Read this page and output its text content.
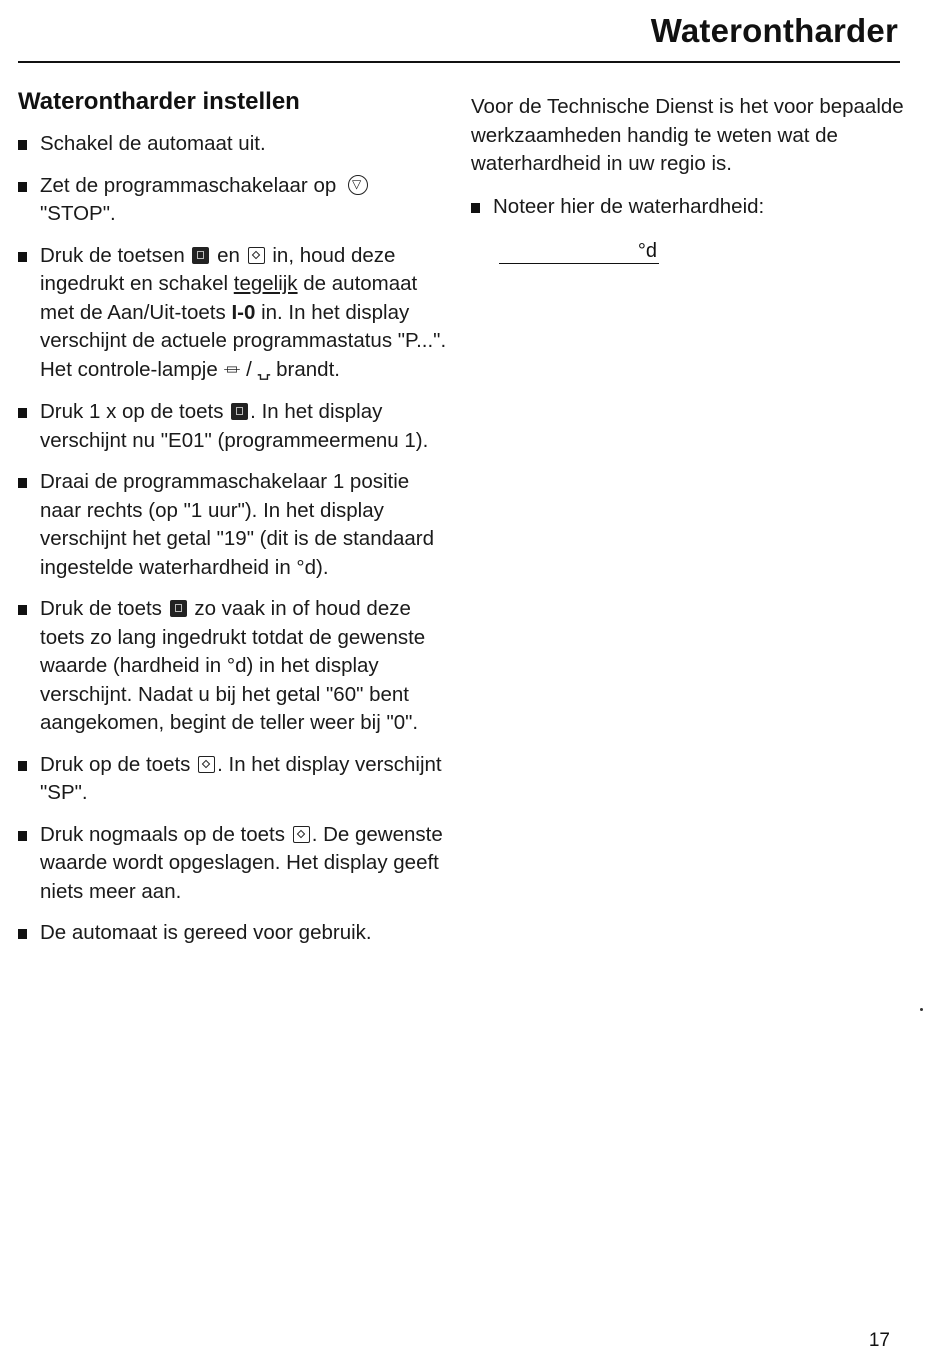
Waterontharder
Waterontharder instellen
Schakel de automaat uit.
Zet de programmaschakelaar op ▽
"STOP".
Druk de toetsen en in, houd deze ingedrukt en schakel tegelijk de automaat met de Aan/Uit-toets I-0 in. In het display verschijnt de actuele programmastatus "P...". Het controle-lampje ⏛ / ⍽ brandt.
Druk 1 x op de toets . In het display verschijnt nu "E01" (programmeermenu 1).
Draai de programmaschakelaar 1 positie naar rechts (op "1 uur"). In het display verschijnt het getal "19" (dit is de standaard ingestelde waterhardheid in °d).
Druk de toets zo vaak in of houd deze toets zo lang ingedrukt totdat de gewenste waarde (hardheid in °d) in het display verschijnt. Nadat u bij het getal "60" bent aangekomen, begint de teller weer bij "0".
Druk op de toets . In het display verschijnt "SP".
Druk nogmaals op de toets . De gewenste waarde wordt opgeslagen. Het display geeft niets meer aan.
De automaat is gereed voor gebruik.

Voor de Technische Dienst is het voor bepaalde werkzaamheden handig te weten wat de waterhardheid in uw regio is.

Noteer hier de waterhardheid:
°d
17
